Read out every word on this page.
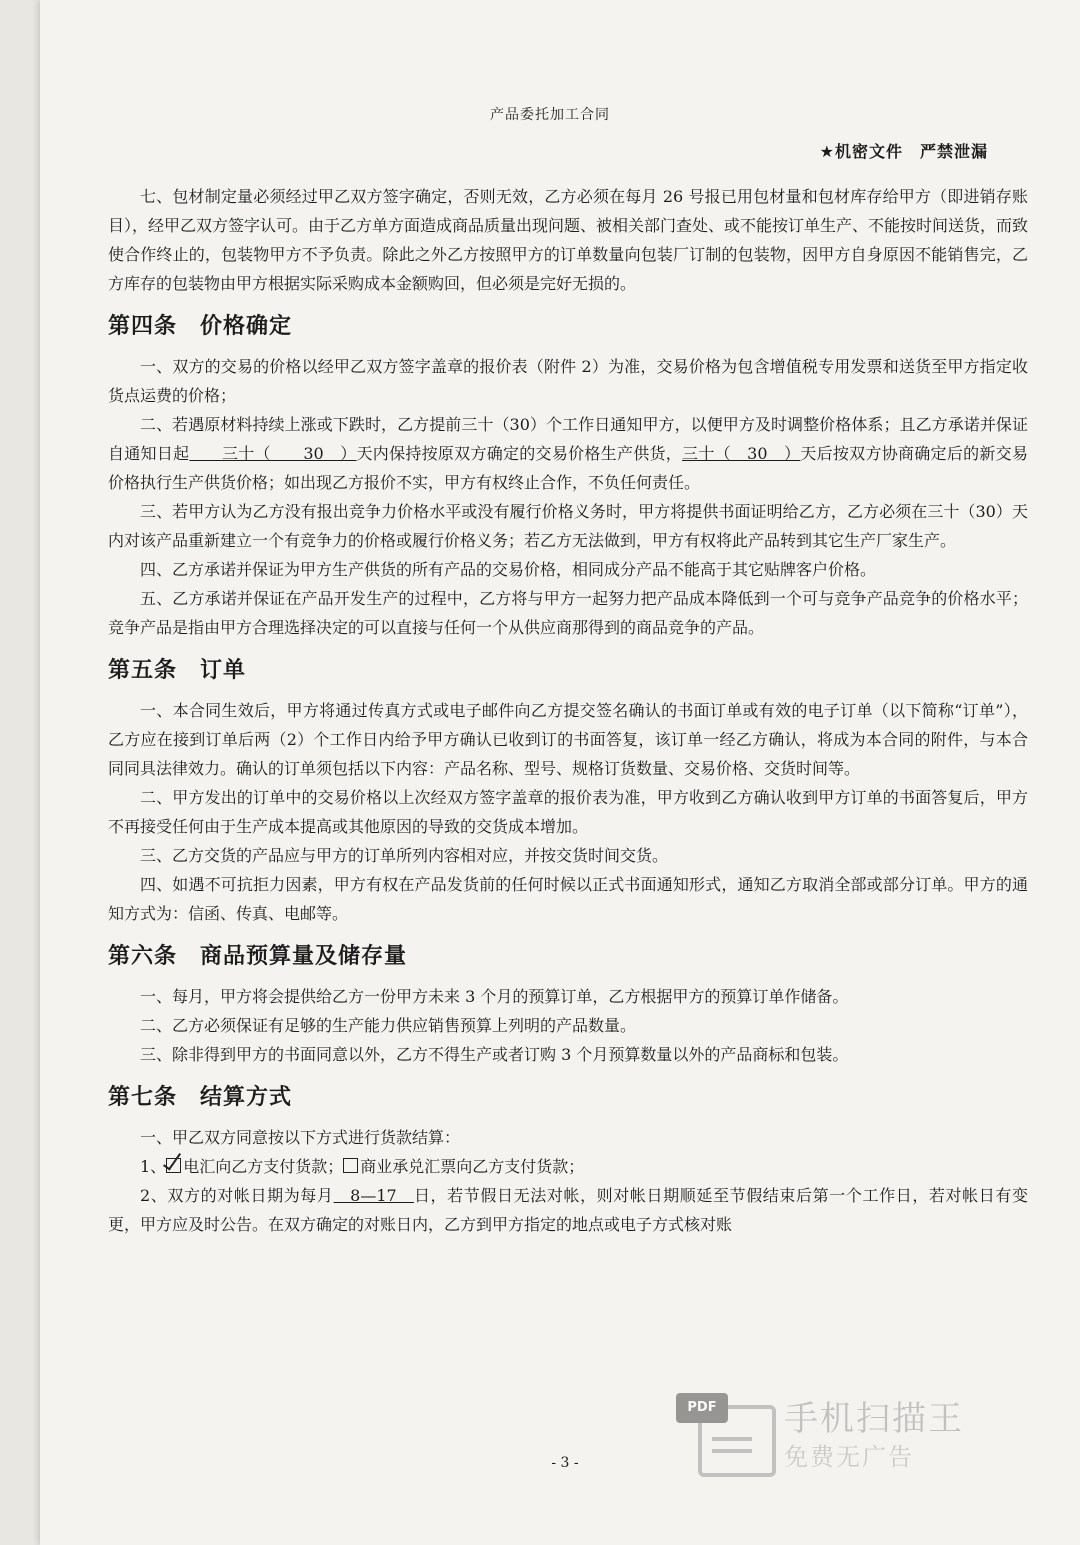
产品委托加工合同
★机密文件　严禁泄漏

七、包材制定量必须经过甲乙双方签字确定，否则无效，乙方必须在每月 26 号报已用包材量和包材库存给甲方（即进销存账目），经甲乙双方签字认可。由于乙方单方面造成商品质量出现问题、被相关部门查处、或不能按订单生产、不能按时间送货，而致使合作终止的，包装物甲方不予负责。除此之外乙方按照甲方的订单数量向包装厂订制的包装物，因甲方自身原因不能销售完，乙方库存的包装物由甲方根据实际采购成本金额购回，但必须是完好无损的。

第四条　价格确定

一、双方的交易的价格以经甲乙双方签字盖章的报价表（附件 2）为准，交易价格为包含增值税专用发票和送货至甲方指定收货点运费的价格；

二、若遇原材料持续上涨或下跌时，乙方提前三十（30）个工作日通知甲方，以便甲方及时调整价格体系；且乙方承诺并保证自通知日起　　三十（　　30　）天内保持按原双方确定的交易价格生产供货，三十（　30　）天后按双方协商确定后的新交易价格执行生产供货价格；如出现乙方报价不实，甲方有权终止合作，不负任何责任。

三、若甲方认为乙方没有报出竞争力价格水平或没有履行价格义务时，甲方将提供书面证明给乙方，乙方必须在三十（30）天内对该产品重新建立一个有竞争力的价格或履行价格义务；若乙方无法做到，甲方有权将此产品转到其它生产厂家生产。

四、乙方承诺并保证为甲方生产供货的所有产品的交易价格，相同成分产品不能高于其它贴牌客户价格。

五、乙方承诺并保证在产品开发生产的过程中，乙方将与甲方一起努力把产品成本降低到一个可与竞争产品竞争的价格水平；竞争产品是指由甲方合理选择决定的可以直接与任何一个从供应商那得到的商品竞争的产品。

第五条　订单

一、本合同生效后，甲方将通过传真方式或电子邮件向乙方提交签名确认的书面订单或有效的电子订单（以下简称“订单”），乙方应在接到订单后两（2）个工作日内给予甲方确认已收到订的书面答复，该订单一经乙方确认，将成为本合同的附件，与本合同同具法律效力。确认的订单须包括以下内容：产品名称、型号、规格订货数量、交易价格、交货时间等。

二、甲方发出的订单中的交易价格以上次经双方签字盖章的报价表为准，甲方收到乙方确认收到甲方订单的书面答复后，甲方不再接受任何由于生产成本提高或其他原因的导致的交货成本增加。

三、乙方交货的产品应与甲方的订单所列内容相对应，并按交货时间交货。

四、如遇不可抗拒力因素，甲方有权在产品发货前的任何时候以正式书面通知形式，通知乙方取消全部或部分订单。甲方的通知方式为：信函、传真、电邮等。

第六条　商品预算量及储存量

一、每月，甲方将会提供给乙方一份甲方未来 3 个月的预算订单，乙方根据甲方的预算订单作储备。

二、乙方必须保证有足够的生产能力供应销售预算上列明的产品数量。

三、除非得到甲方的书面同意以外，乙方不得生产或者订购 3 个月预算数量以外的产品商标和包装。

第七条　结算方式

一、甲乙双方同意按以下方式进行货款结算：

1、 电汇向乙方支付货款； 商业承兑汇票向乙方支付货款；

2、双方的对帐日期为每月　8—17　日，若节假日无法对帐，则对帐日期顺延至节假结束后第一个工作日，若对帐日有变更，甲方应及时公告。在双方确定的对账日内，乙方到甲方指定的地点或电子方式核对账

PDF	手机扫描王
免费无广告
- 3 -
